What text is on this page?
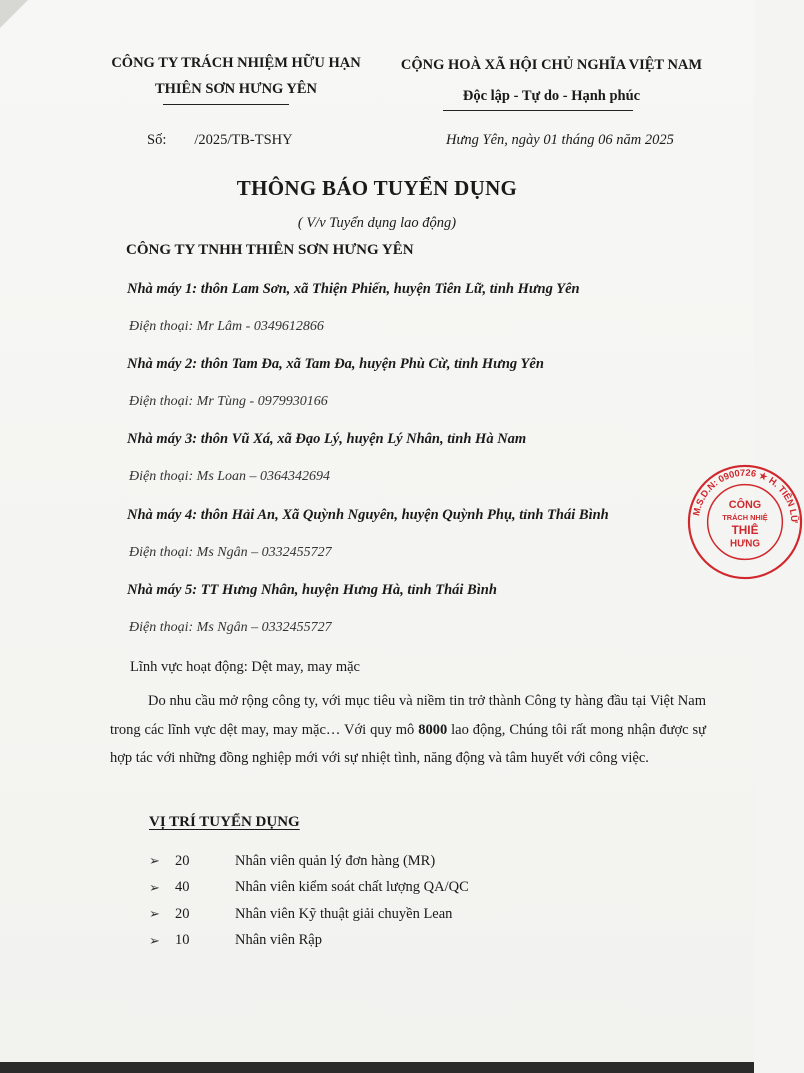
CÔNG TY TRÁCH NHIỆM HỮU HẠN
THIÊN SƠN HƯNG YÊN
CỘNG HOÀ XÃ HỘI CHỦ NGHĨA VIỆT NAM
Độc lập - Tự do - Hạnh phúc
Số: /2025/TB-TSHY	Hưng Yên, ngày 01 tháng 06 năm 2025
THÔNG BÁO TUYỂN DỤNG
( V/v Tuyển dụng lao động)
CÔNG TY TNHH THIÊN SƠN HƯNG YÊN
Nhà máy 1: thôn Lam Sơn, xã Thiện Phiến, huyện Tiên Lữ, tỉnh Hưng Yên
Điện thoại: Mr Lâm - 0349612866
Nhà máy 2: thôn Tam Đa, xã Tam Đa, huyện Phù Cừ, tỉnh Hưng Yên
Điện thoại: Mr Tùng - 0979930166
Nhà máy 3: thôn Vũ Xá, xã Đạo Lý, huyện Lý Nhân, tỉnh Hà Nam
Điện thoại: Ms Loan – 0364342694
Nhà máy 4: thôn Hải An, Xã Quỳnh Nguyên, huyện Quỳnh Phụ, tỉnh Thái Bình
Điện thoại: Ms Ngân – 0332455727
Nhà máy 5: TT Hưng Nhân, huyện Hưng Hà, tỉnh Thái Bình
Điện thoại: Ms Ngân – 0332455727
Lĩnh vực hoạt động: Dệt may, may mặc
Do nhu cầu mở rộng công ty, với mục tiêu và niềm tin trở thành Công ty hàng đầu tại Việt Nam trong các lĩnh vực dệt may, may mặc… Với quy mô 8000 lao động, Chúng tôi rất mong nhận được sự hợp tác với những đồng nghiệp mới với sự nhiệt tình, năng động và tâm huyết với công việc.
VỊ TRÍ TUYỂN DỤNG
➢	20	Nhân viên quản lý đơn hàng (MR)
➢	40	Nhân viên kiểm soát chất lượng QA/QC
➢	20	Nhân viên Kỹ thuật giải chuyền Lean
➢	10	Nhân viên Rập
M.S.D.N: 0900726 ★ H. TIÊN LỮ
CÔNG
TRÁCH NHIỆ
THIÊ
HƯNG
